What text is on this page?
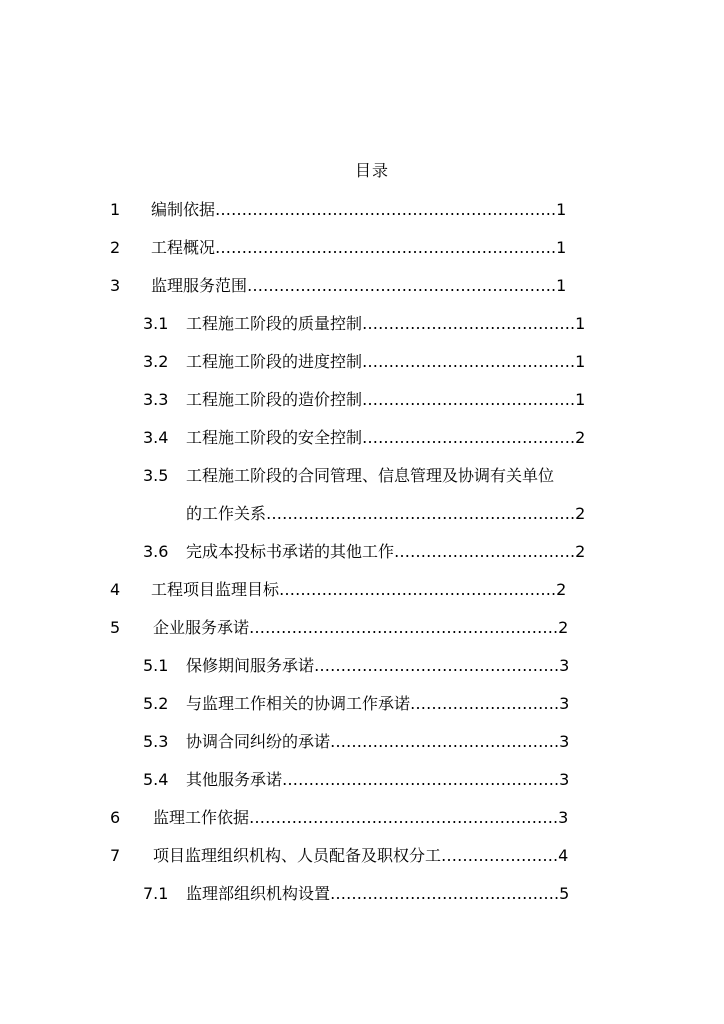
目录
1 编制依据……………………………………………………….1
2 工程概况……………………………………………………….1
3 监理服务范围………………………………………………….1
3.1 工程施工阶段的质量控制………………………………….1
3.2 工程施工阶段的进度控制………………………………….1
3.3 工程施工阶段的造价控制………………………………….1
3.4 工程施工阶段的安全控制………………………………….2
3.5 工程施工阶段的合同管理、信息管理及协调有关单位
的工作关系………………………………………………….2
3.6 完成本投标书承诺的其他工作…………………………….2
4 工程项目监理目标…………………………………………….2
5 企业服务承诺………………………………………………….2
5.1 保修期间服务承诺……………………………………….3
5.2 与监理工作相关的协调工作承诺……………………….3
5.3 协调合同纠纷的承诺…………………………………….3
5.4 其他服务承诺…………………………………………….3
6 监理工作依据………………………………………………….3
7 项目监理组织机构、人员配备及职权分工………………….4
7.1 监理部组织机构设置…………………………………….5
